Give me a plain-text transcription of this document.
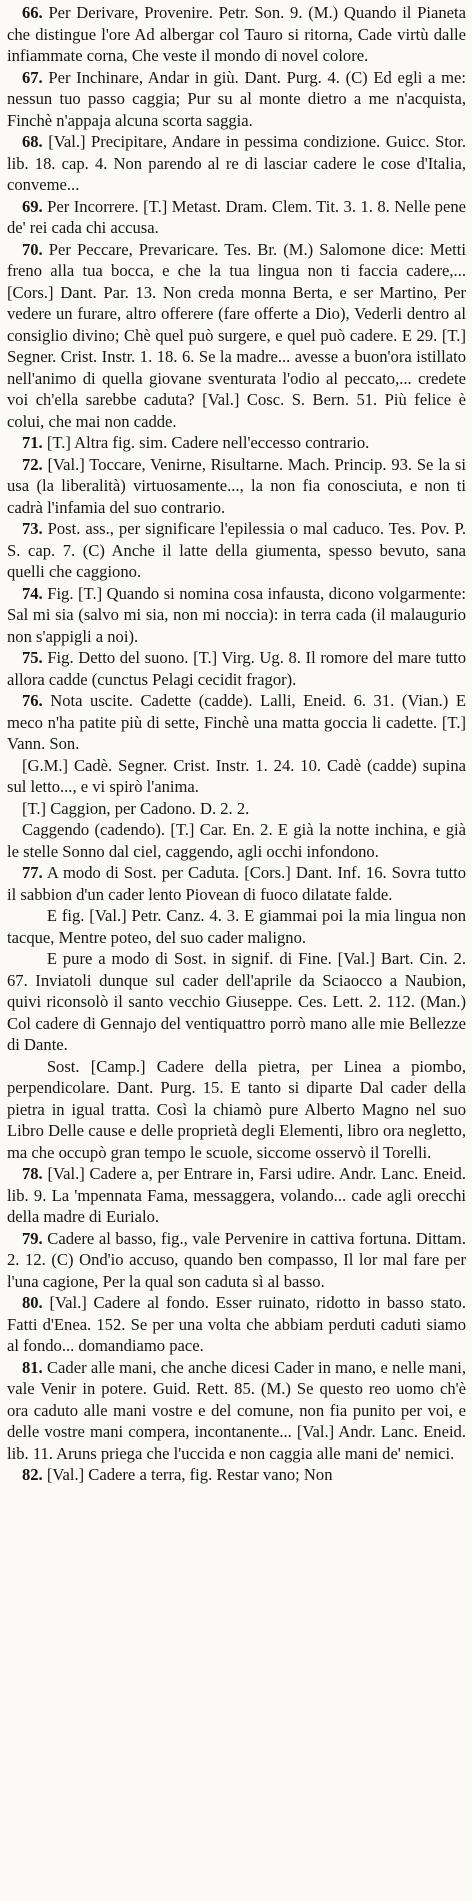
66. Per Derivare, Provenire. Petr. Son. 9. (M.) Quando il Pianeta che distingue l'ore Ad albergar col Tauro si ritorna, Cade virtù dalle infiammate corna, Che veste il mondo di novel colore.

67. Per Inchinare, Andar in giù. Dant. Purg. 4. (C) Ed egli a me: nessun tuo passo caggia; Pur su al monte dietro a me n'acquista, Finchè n'appaja alcuna scorta saggia.

68. [Val.] Precipitare, Andare in pessima condizione. Guicc. Stor. lib. 18. cap. 4. Non parendo al re di lasciar cadere le cose d'Italia, conveme...

69. Per Incorrere. [T.] Metast. Dram. Clem. Tit. 3. 1. 8. Nelle pene de' rei cada chi accusa.

70. Per Peccare, Prevaricare. Tes. Br. (M.) Salomone dice: Metti freno alla tua bocca, e che la tua lingua non ti faccia cadere,... [Cors.] Dant. Par. 13. Non creda monna Berta, e ser Martino, Per vedere un furare, altro offerere (fare offerte a Dio), Vederli dentro al consiglio divino; Chè quel può surgere, e quel può cadere. E 29. [T.] Segner. Crist. Instr. 1. 18. 6. Se la madre... avesse a buon'ora istillato nell'animo di quella giovane sventurata l'odio al peccato,... credete voi ch'ella sarebbe caduta? [Val.] Cosc. S. Bern. 51. Più felice è colui, che mai non cadde.

71. [T.] Altra fig. sim. Cadere nell'eccesso contrario.

72. [Val.] Toccare, Venirne, Risultarne. Mach. Princip. 93. Se la si usa (la liberalità) virtuosamente..., la non fia conosciuta, e non ti cadrà l'infamia del suo contrario.

73. Post. ass., per significare l'epilessia o mal caduco. Tes. Pov. P. S. cap. 7. (C) Anche il latte della giumenta, spesso bevuto, sana quelli che caggiono.

74. Fig. [T.] Quando si nomina cosa infausta, dicono volgarmente: Sal mi sia (salvo mi sia, non mi noccia): in terra cada (il malaugurio non s'appigli a noi).

75. Fig. Detto del suono. [T.] Virg. Ug. 8. Il romore del mare tutto allora cadde (cunctus Pelagi cecidit fragor).

76. Nota uscite. Cadette (cadde). Lalli, Eneid. 6. 31. (Vian.) E meco n'ha patite più di sette, Finchè una matta goccia li cadette. [T.] Vann. Son.

[G.M.] Cadè. Segner. Crist. Instr. 1. 24. 10. Cadè (cadde) supina sul letto..., e vi spirò l'anima.

[T.] Caggion, per Cadono. D. 2. 2.

Caggendo (cadendo). [T.] Car. En. 2. E già la notte inchina, e già le stelle Sonno dal ciel, caggendo, agli occhi infondono.

77. A modo di Sost. per Caduta. [Cors.] Dant. Inf. 16. Sovra tutto il sabbion d'un cader lento Piovean di fuoco dilatate falde.

E fig. [Val.] Petr. Canz. 4. 3. E giammai poi la mia lingua non tacque, Mentre poteo, del suo cader maligno.

E pure a modo di Sost. in signif. di Fine. [Val.] Bart. Cin. 2. 67. Inviatoli dunque sul cader dell'aprile da Sciaocco a Naubion, quivi riconsolò il santo vecchio Giuseppe. Ces. Lett. 2. 112. (Man.) Col cadere di Gennajo del ventiquattro porrò mano alle mie Bellezze di Dante.

Sost. [Camp.] Cadere della pietra, per Linea a piombo, perpendicolare. Dant. Purg. 15. E tanto si diparte Dal cader della pietra in igual tratta. Così la chiamò pure Alberto Magno nel suo Libro Delle cause e delle proprietà degli Elementi, libro ora negletto, ma che occupò gran tempo le scuole, siccome osservò il Torelli.

78. [Val.] Cadere a, per Entrare in, Farsi udire. Andr. Lanc. Eneid. lib. 9. La 'mpennata Fama, messaggera, volando... cade agli orecchi della madre di Eurialo.

79. Cadere al basso, fig., vale Pervenire in cattiva fortuna. Dittam. 2. 12. (C) Ond'io accuso, quando ben compasso, Il lor mal fare per l'una cagione, Per la qual son caduta sì al basso.

80. [Val.] Cadere al fondo. Esser ruinato, ridotto in basso stato. Fatti d'Enea. 152. Se per una volta che abbiam perduti caduti siamo al fondo... domandiamo pace.

81. Cader alle mani, che anche dicesi Cader in mano, e nelle mani, vale Venir in potere. Guid. Rett. 85. (M.) Se questo reo uomo ch'è ora caduto alle mani vostre e del comune, non fia punito per voi, e delle vostre mani compera, incontanente... [Val.] Andr. Lanc. Eneid. lib. 11. Aruns priega che l'uccida e non caggia alle mani de' nemici.

82. [Val.] Cadere a terra, fig. Restar vano; Non
